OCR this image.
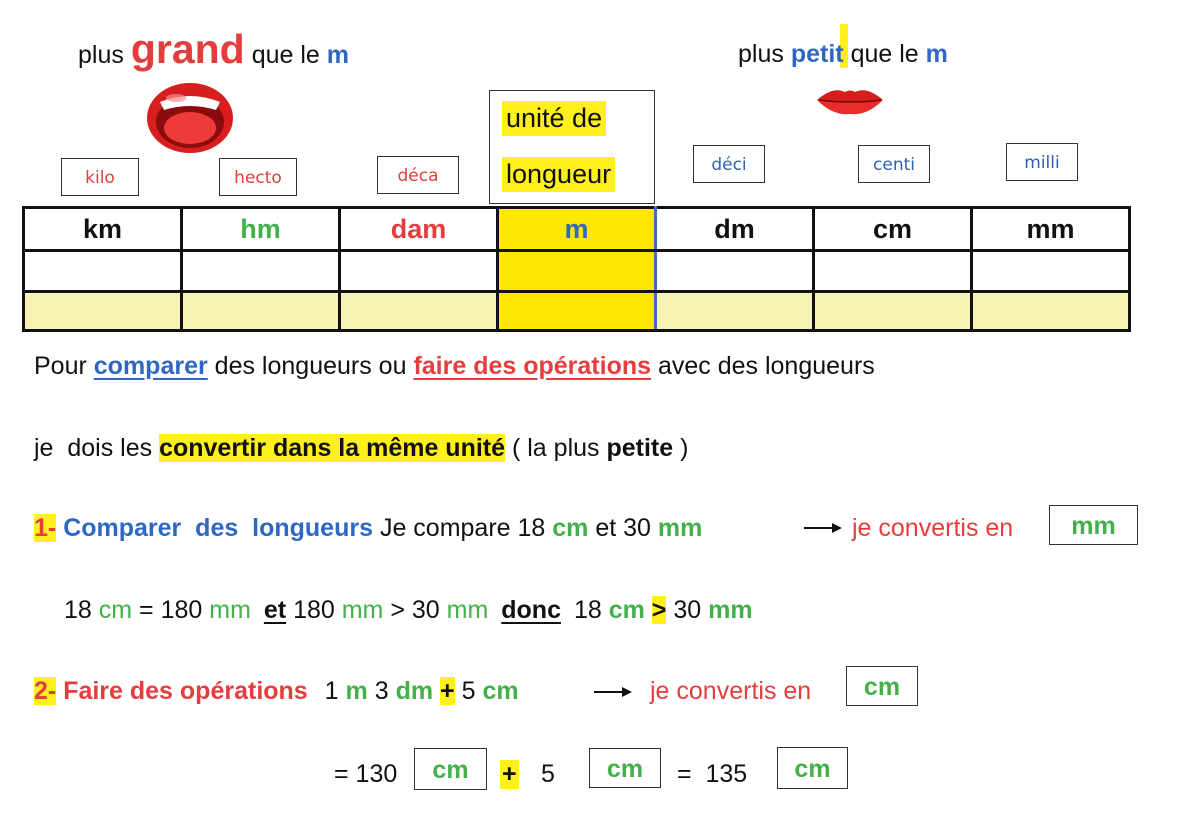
plus grand que le m	plus petit que le m
kilo	hecto	déca
déci	centi	milli
unité de
longueur
km	hm	dam	m	dm	cm	mm

Pour comparer des longueurs ou faire des opérations avec des longueurs
je  dois les convertir dans la même unité ( la plus petite )
1- Comparer  des  longueurs Je compare 18 cm et 30 mm	je convertis en	mm
18 cm = 180 mm et 180 mm > 30 mm donc 18 cm > 30 mm
2- Faire des opérations 1 m 3 dm + 5 cm	je convertis en	cm
= 130	cm	+ 5	cm	=  135	cm
